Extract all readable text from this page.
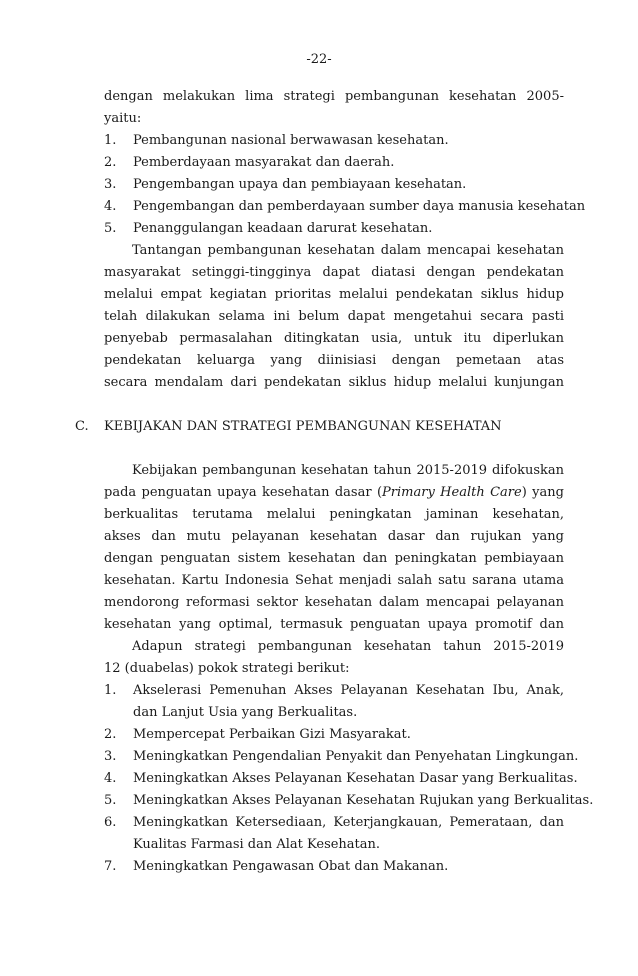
-22-
dengan melakukan lima strategi pembangunan kesehatan 2005-
yaitu:
1. Pembangunan nasional berwawasan kesehatan.
2. Pemberdayaan masyarakat dan daerah.
3. Pengembangan upaya dan pembiayaan kesehatan.
4. Pengembangan dan pemberdayaan sumber daya manusia kesehatan
5. Penanggulangan keadaan darurat kesehatan.
Tantangan pembangunan kesehatan dalam mencapai kesehatan
masyarakat setinggi-tingginya dapat diatasi dengan pendekatan
melalui empat kegiatan prioritas melalui pendekatan siklus hidup
telah dilakukan selama ini belum dapat mengetahui secara pasti
penyebab permasalahan ditingkatan usia, untuk itu diperlukan
pendekatan keluarga yang diinisiasi dengan pemetaan atas
secara mendalam dari pendekatan siklus hidup melalui kunjungan
C. KEBIJAKAN DAN STRATEGI PEMBANGUNAN KESEHATAN
Kebijakan pembangunan kesehatan tahun 2015-2019 difokuskan
pada penguatan upaya kesehatan dasar (Primary Health Care) yang
berkualitas terutama melalui peningkatan jaminan kesehatan,
akses dan mutu pelayanan kesehatan dasar dan rujukan yang
dengan penguatan sistem kesehatan dan peningkatan pembiayaan
kesehatan. Kartu Indonesia Sehat menjadi salah satu sarana utama
mendorong reformasi sektor kesehatan dalam mencapai pelayanan
kesehatan yang optimal, termasuk penguatan upaya promotif dan
Adapun strategi pembangunan kesehatan tahun 2015-2019
12 (duabelas) pokok strategi berikut:
1. Akselerasi Pemenuhan Akses Pelayanan Kesehatan Ibu, Anak,
dan Lanjut Usia yang Berkualitas.
2. Mempercepat Perbaikan Gizi Masyarakat.
3. Meningkatkan Pengendalian Penyakit dan Penyehatan Lingkungan.
4. Meningkatkan Akses Pelayanan Kesehatan Dasar yang Berkualitas.
5. Meningkatkan Akses Pelayanan Kesehatan Rujukan yang Berkualitas.
6. Meningkatkan Ketersediaan, Keterjangkauan, Pemerataan, dan
Kualitas Farmasi dan Alat Kesehatan.
7. Meningkatkan Pengawasan Obat dan Makanan.
